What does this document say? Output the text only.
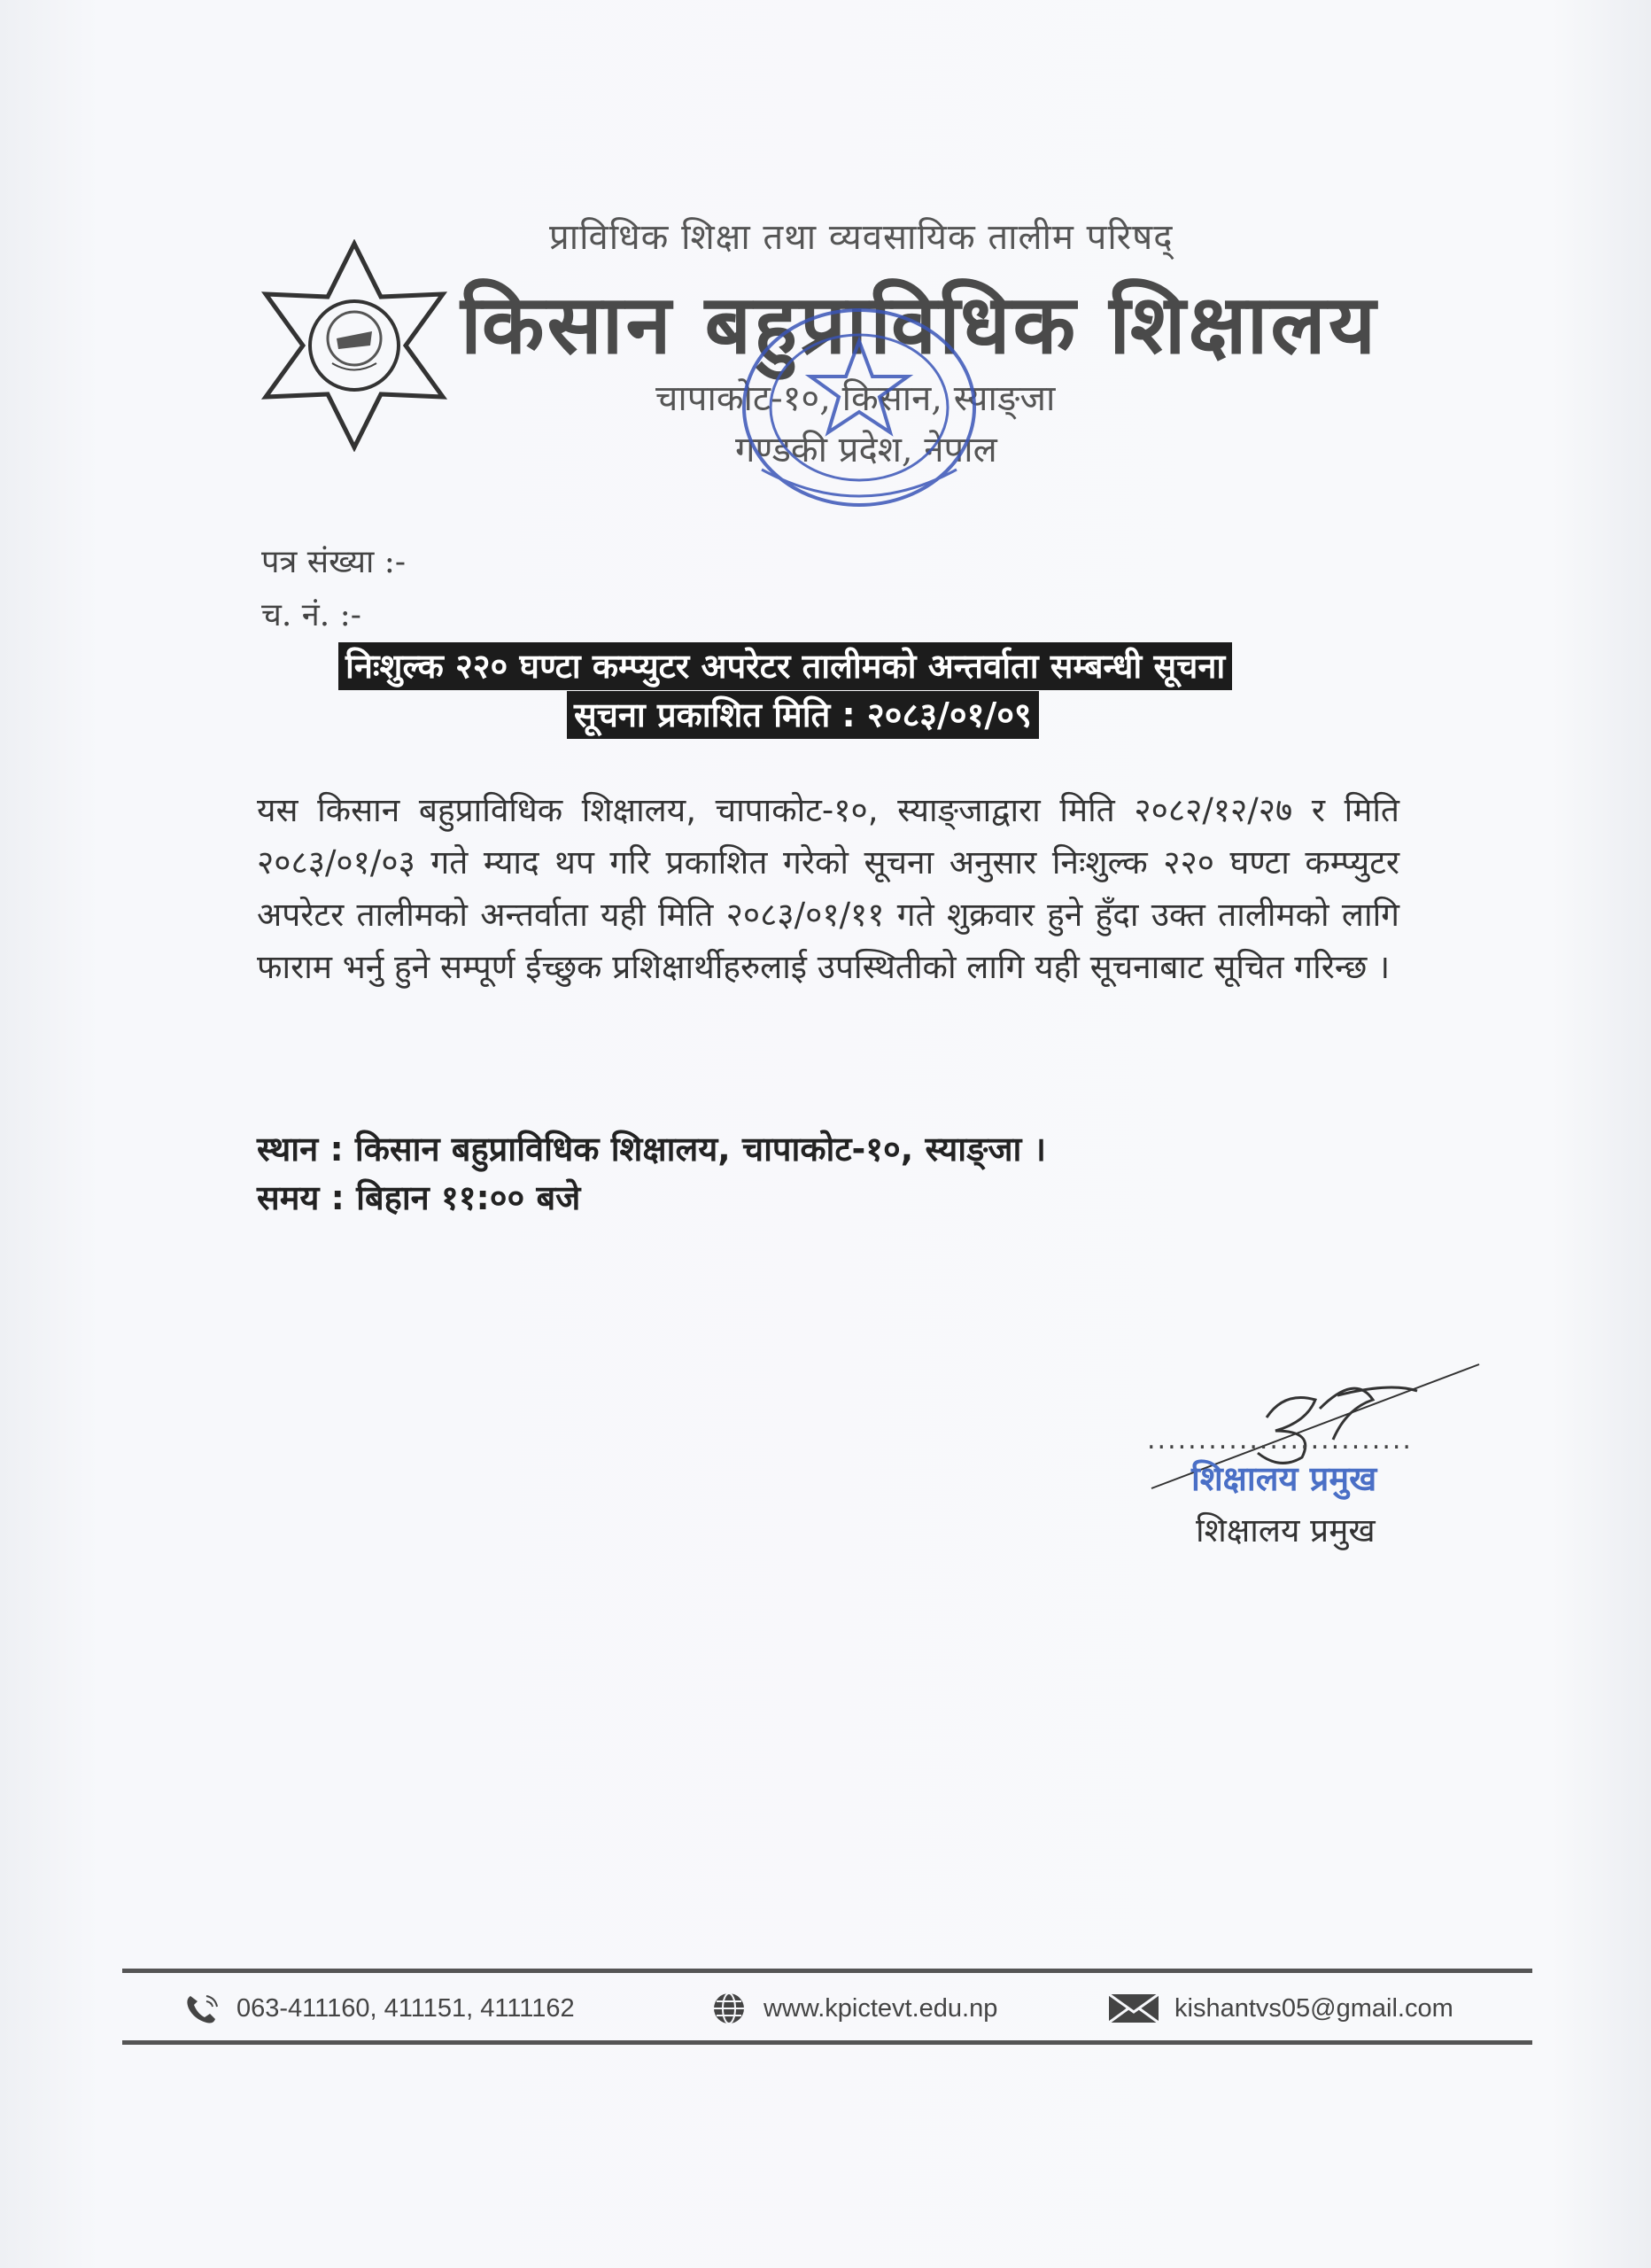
प्राविधिक शिक्षा तथा व्यवसायिक तालीम परिषद्
किसान बहुप्राविधिक शिक्षालय
चापाकोट-१०, किसान, स्याङ्जा
गण्डकी प्रदेश, नेपाल
पत्र संख्या :-
च. नं. :-
निःशुल्क २२० घण्टा कम्प्युटर अपरेटर तालीमको अन्तर्वाता सम्बन्धी सूचना
सूचना प्रकाशित मिति : २०८३/०१/०९
यस किसान बहुप्राविधिक शिक्षालय, चापाकोट-१०, स्याङ्जाद्वारा मिति २०८२/१२/२७ र मिति २०८३/०१/०३ गते म्याद थप गरि प्रकाशित गरेको सूचना अनुसार निःशुल्क २२० घण्टा कम्प्युटर अपरेटर तालीमको अन्तर्वाता यही मिति २०८३/०१/११ गते शुक्रवार हुने हुँदा उक्त तालीमको लागि फाराम भर्नु हुने सम्पूर्ण ईच्छुक प्रशिक्षार्थीहरुलाई उपस्थितीको लागि यही सूचनाबाट सूचित गरिन्छ ।
स्थान : किसान बहुप्राविधिक शिक्षालय, चापाकोट-१०, स्याङ्जा ।
समय : बिहान ११:०० बजे
..........................
शिक्षालय प्रमुख
शिक्षालय प्रमुख
063-411160, 411151, 4111162	www.kpictevt.edu.np	kishantvs05@gmail.com
